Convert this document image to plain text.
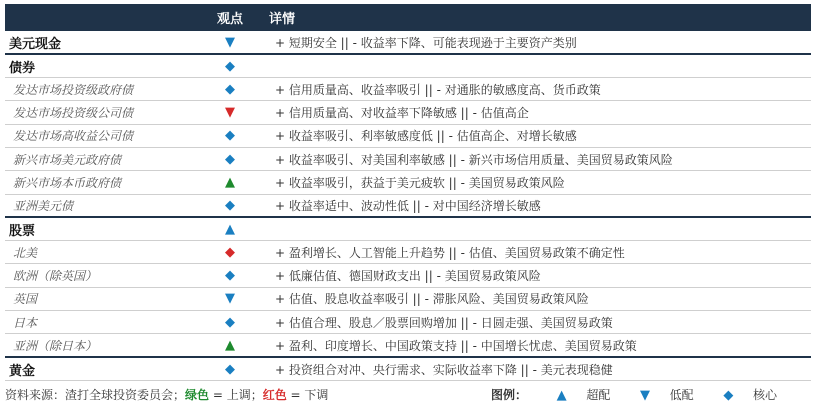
	观点	详情
美元现金	▼	+ 短期安全 || - 收益率下降、可能表现逊于主要资产类别
债券	◆	
发达市场投资级政府债	◆	+ 信用质量高、收益率吸引 || - 对通胀的敏感度高、货币政策
发达市场投资级公司债	▼	+ 信用质量高、对收益率下降敏感 || - 估值高企
发达市场高收益公司债	◆	+ 收益率吸引、利率敏感度低 || - 估值高企、对增长敏感
新兴市场美元政府债	◆	+ 收益率吸引、对美国利率敏感 || - 新兴市场信用质量、美国贸易政策风险
新兴市场本币政府债	▲	+ 收益率吸引，获益于美元疲软 || - 美国贸易政策风险
亚洲美元债	◆	+ 收益率适中、波动性低 || - 对中国经济增长敏感
股票	▲	
北美	◆	+ 盈利增长、人工智能上升趋势 || - 估值、美国贸易政策不确定性
欧洲（除英国）	◆	+ 低廉估值、德国财政支出 || - 美国贸易政策风险
英国	▼	+ 估值、股息收益率吸引 || - 滞胀风险、美国贸易政策风险
日本	◆	+ 估值合理、股息／股票回购增加 || - 日圆走强、美国贸易政策
亚洲（除日本）	▲	+ 盈利、印度增长、中国政策支持 || - 中国增长忧虑、美国贸易政策
黄金	◆	+ 投资组合对冲、央行需求、实际收益率下降 || - 美元表现稳健
资料来源：渣打全球投资委员会；绿色 = 上调；红色 = 下调	图例： ▲ 超配 ▼ 低配 ◆ 核心
